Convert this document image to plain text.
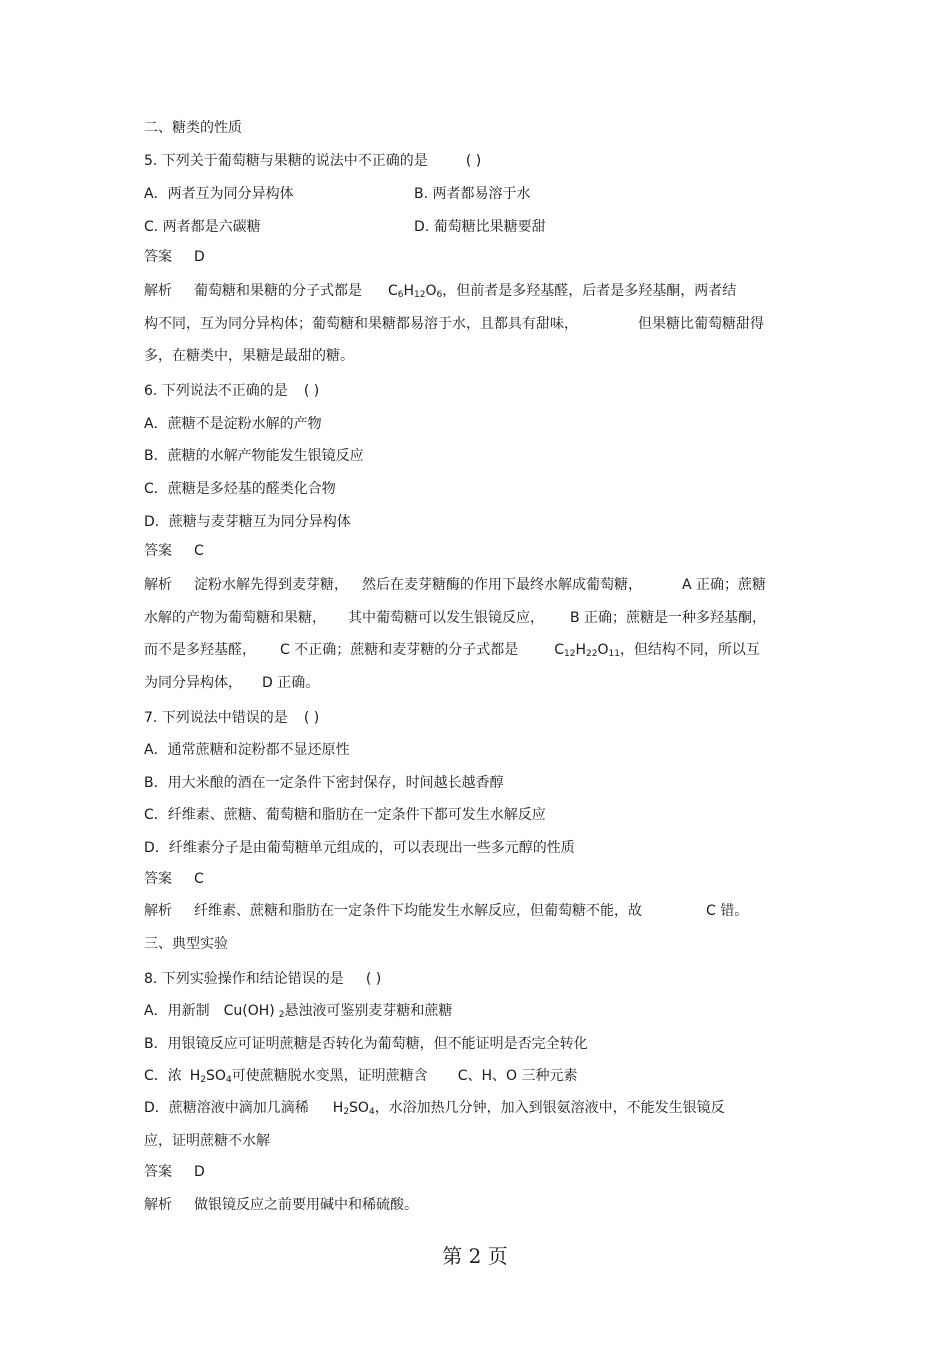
二、糖类的性质
5. 下列关于葡萄糖与果糖的说法中不正确的是	( )
A．两者互为同分异构体	B. 两者都易溶于水
C. 两者都是六碳糖	D. 葡萄糖比果糖要甜
答案 D
解析 葡萄糖和果糖的分子式都是 $C_6H_{12}O_6$，但前者是多羟基醛，后者是多羟基酮，两者结
构不同，互为同分异构体；葡萄糖和果糖都易溶于水，且都具有甜味，	但果糖比葡萄糖甜得
多，在糖类中，果糖是最甜的糖。
6. 下列说法不正确的是 ( )
A．蔗糖不是淀粉水解的产物
B．蔗糖的水解产物能发生银镜反应
C．蔗糖是多烃基的醛类化合物
D．蔗糖与麦芽糖互为同分异构体
答案 C
解析 淀粉水解先得到麦芽糖， 然后在麦芽糖酶的作用下最终水解成葡萄糖，	A 正确；蔗糖
水解的产物为葡萄糖和果糖， 其中葡萄糖可以发生银镜反应， B 正确；蔗糖是一种多羟基酮，
而不是多羟基醛， C 不正确；蔗糖和麦芽糖的分子式都是	$C_{12}H_{22}O_{11}$，但结构不同，所以互
为同分异构体， D 正确。
7. 下列说法中错误的是 ( )
A．通常蔗糖和淀粉都不显还原性
B．用大米酿的酒在一定条件下密封保存，时间越长越香醇
C．纤维素、蔗糖、葡萄糖和脂肪在一定条件下都可发生水解反应
D．纤维素分子是由葡萄糖单元组成的，可以表现出一些多元醇的性质
答案 C
解析 纤维素、蔗糖和脂肪在一定条件下均能发生水解反应，但葡萄糖不能，故	C 错。
三、典型实验
8. 下列实验操作和结论错误的是 ( )
A．用新制 Cu(OH) $_2$悬浊液可鉴别麦芽糖和蔗糖
B．用银镜反应可证明蔗糖是否转化为葡萄糖，但不能证明是否完全转化
C．浓 $H_2SO_4$可使蔗糖脱水变黑，证明蔗糖含 C、H、O 三种元素
D．蔗糖溶液中滴加几滴稀 $H_2SO_4$，水浴加热几分钟，加入到银氨溶液中，不能发生银镜反
应，证明蔗糖不水解
答案 D
解析 做银镜反应之前要用碱中和稀硫酸。
第 2 页
